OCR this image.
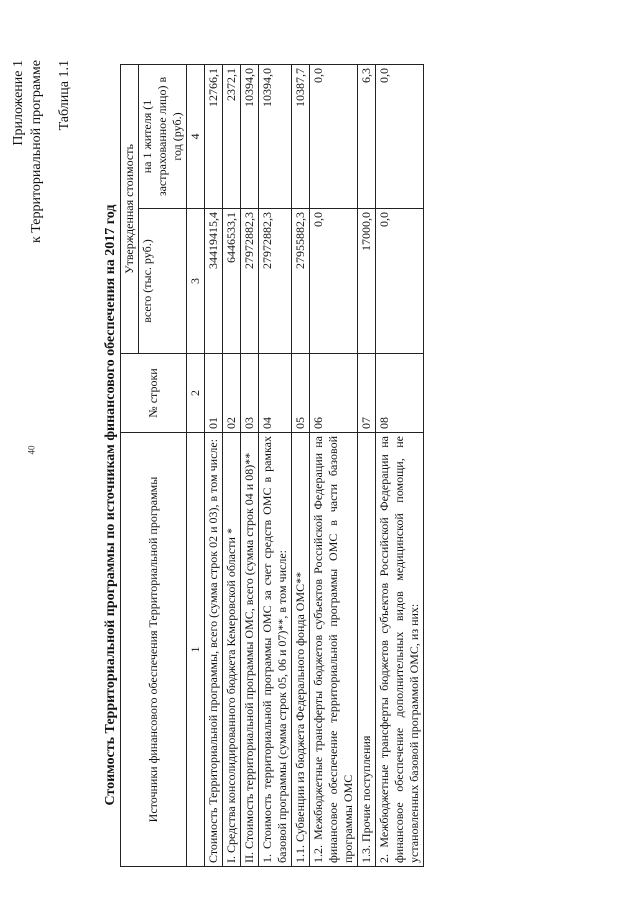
40
Приложение 1 к Территориальной программе Таблица 1.1
Стоимость Территориальной программы по источникам финансового обеспечения на 2017 год Источники финансового обеспечения Территориальной программы	№ строки	Утвержденная стоимость	
		всего (тыс. руб.)	на 1 жителя (1 застрахованное лицо) в год (руб.)
1	2	3	4
Стоимость Территориальной программы, всего (сумма строк 02 и 03), в том числе:	01	34419415,4	12766,1
I. Средства консолидированного бюджета Кемеровской области *	02	6446533,1	2372,1
II. Стоимость территориальной программы ОМС, всего (сумма строк 04 и 08)**	03	27972882,3	10394,0
1. Стоимость территориальной программы ОМС за счет средств ОМС в рамках базовой программы (сумма строк 05, 06 и 07)**, в том числе:	04	27972882,3	10394,0
1.1. Субвенции из бюджета Федерального фонда ОМС**	05	27955882,3	10387,7
1.2. Межбюджетные трансферты бюджетов субъектов Российской Федерации на финансовое обеспечение территориальной программы ОМС в части базовой программы ОМС	06	0,0	0,0
1.3. Прочие поступления	07	17000,0	6,3
2. Межбюджетные трансферты бюджетов субъектов Российской Федерации на финансовое обеспечение дополнительных видов медицинской помощи, не установленных базовой программой ОМС, из них:	08	0,0	0,0
